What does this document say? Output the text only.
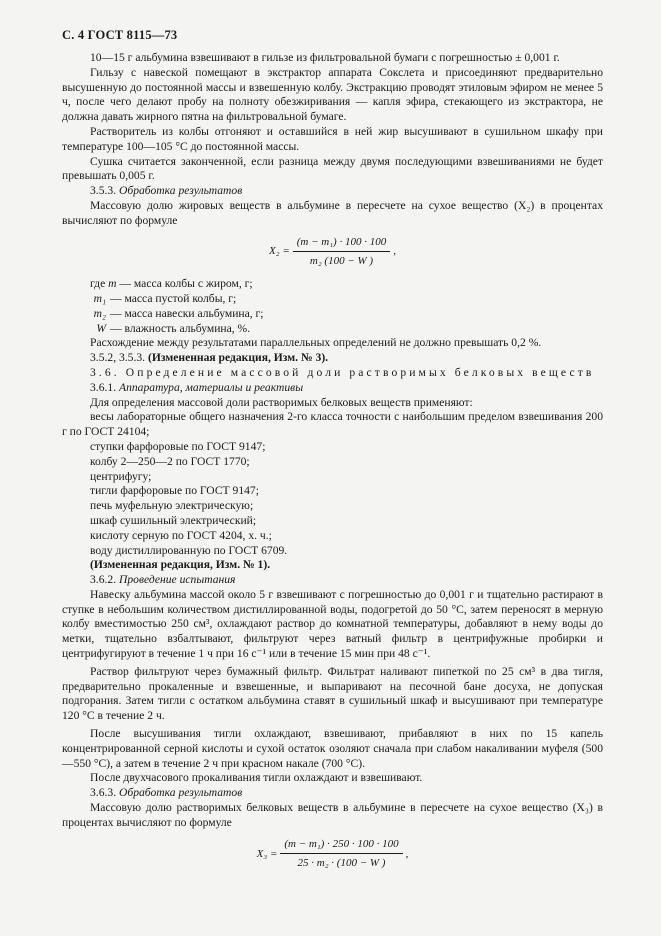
С. 4 ГОСТ 8115—73

10—15 г альбумина взвешивают в гильзе из фильтровальной бумаги с погрешностью ± 0,001 г.

Гильзу с навеской помещают в экстрактор аппарата Сокслета и присоединяют предварительно высушенную до постоянной массы и взвешенную колбу. Экстракцию проводят этиловым эфиром не менее 5 ч, после чего делают пробу на полноту обезжиривания — капля эфира, стекающего из экстрактора, не должна давать жирного пятна на фильтровальной бумаге.

Растворитель из колбы отгоняют и оставшийся в ней жир высушивают в сушильном шкафу при температуре 100—105 °С до постоянной массы.

Сушка считается законченной, если разница между двумя последующими взвешиваниями не будет превышать 0,005 г.

3.5.3. Обработка результатов

Массовую долю жировых веществ в альбумине в пересчете на сухое вещество (X₂) в процентах вычисляют по формуле

$X_2 = \frac{\text{(m − m₁) · 100 · 100}}{\text{m₂ (100 − W )}}$ ,
где
m
— масса колбы с жиром, г;
m₁ — масса пустой колбы, г;
m₂ — масса навески альбумина, г;
W — влажность альбумина, %.

Расхождение между результатами параллельных определений не должно превышать 0,2 %.

3.5.2, 3.5.3. (Измененная редакция, Изм. № 3).

3.6. Определение массовой доли растворимых белковых веществ

3.6.1. Аппаратура, материалы и реактивы

Для определения массовой доли растворимых белковых веществ применяют:

весы лабораторные общего назначения 2-го класса точности с наибольшим пределом взвешивания 200 г по ГОСТ 24104;

ступки фарфоровые по ГОСТ 9147;

колбу 2—250—2 по ГОСТ 1770;

центрифугу;

тигли фарфоровые по ГОСТ 9147;

печь муфельную электрическую;

шкаф сушильный электрический;

кислоту серную по ГОСТ 4204, х. ч.;

воду дистиллированную по ГОСТ 6709.

(Измененная редакция, Изм. № 1).

3.6.2. Проведение испытания

Навеску альбумина массой около 5 г взвешивают с погрешностью до 0,001 г и тщательно растирают в ступке в небольшим количеством дистиллированной воды, подогретой до 50 °С, затем переносят в мерную колбу вместимостью 250 см³, охлаждают раствор до комнатной температуры, добавляют в нему воды до метки, тщательно взбалтывают, фильтруют через ватный фильтр в центрифужные пробирки и центрифугируют в течение 1 ч при 16 с⁻¹ или в течение 15 мин при 48 с⁻¹.

Раствор фильтруют через бумажный фильтр. Фильтрат наливают пипеткой по 25 см³ в два тигля, предварительно прокаленные и взвешенные, и выпаривают на песочной бане досуха, не допуская подгорания. Затем тигли с остатком альбумина ставят в сушильный шкаф и высушивают при температуре 120 °С в течение 2 ч.

После высушивания тигли охлаждают, взвешивают, прибавляют в них по 15 капель концентрированной серной кислоты и сухой остаток озоляют сначала при слабом накаливании муфеля (500—550 °С), а затем в течение 2 ч при красном накале (700 °С).

После двухчасового прокаливания тигли охлаждают и взвешивают.

3.6.3. Обработка результатов

Массовую долю растворимых белковых веществ в альбумине в пересчете на сухое вещество (X₃) в процентах вычисляют по формуле

$X_3 = \frac{\text{(m − m₁) · 250 · 100 · 100}}{\text{25 · m₂ · (100 − W )}}$ ,
